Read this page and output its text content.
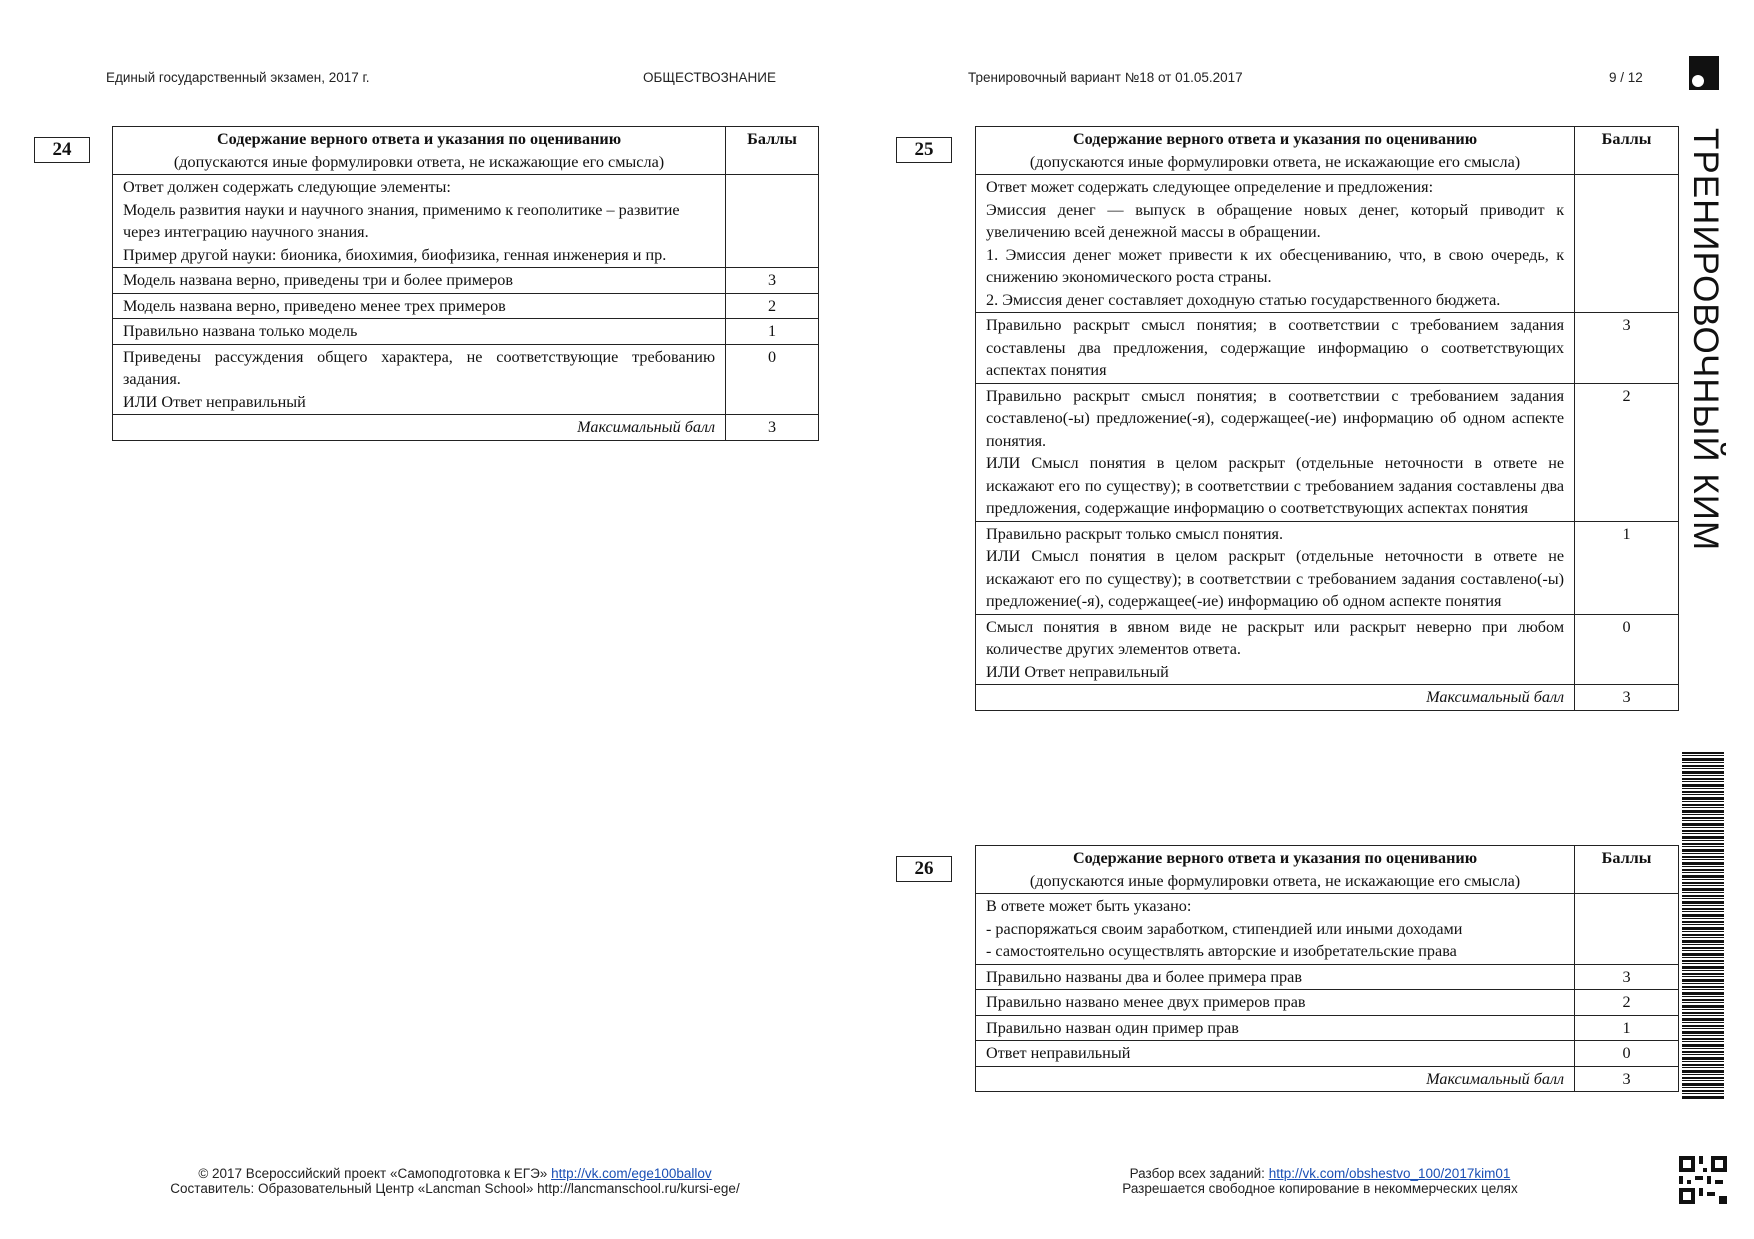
Единый государственный экзамен, 2017 г.	ОБЩЕСТВОЗНАНИЕ	Тренировочный вариант №18 от 01.05.2017	9 / 12
ТРЕНИРОВОЧНЫЙ КИМ
24	Содержание верного ответа и указания по оцениванию
(допускаются иные формулировки ответа, не искажающие его смысла)	Баллы

Ответ должен содержать следующие элементы:
Модель развития науки и научного знания, применимо к геополитике – развитие через интеграцию научного знания.
Пример другой науки: бионика, биохимия, биофизика, генная инженерия и пр.	

Модель названа верно, приведены три и более примеров	3
Модель названа верно, приведено менее трех примеров	2
Правильно названа только модель	1

Приведены рассуждения общего характера, не соответствующие требованию задания.
ИЛИ Ответ неправильный	0
Максимальный балл	3
25	Содержание верного ответа и указания по оцениванию
(допускаются иные формулировки ответа, не искажающие его смысла)	Баллы

Ответ может содержать следующее определение и предложения:
Эмиссия денег — выпуск в обращение новых денег, который приводит к увеличению всей денежной массы в обращении.
1. Эмиссия денег может привести к их обесцениванию, что, в свою очередь, к снижению экономического роста страны.
2. Эмиссия денег составляет доходную статью государственного бюджета.	

Правильно раскрыт смысл понятия; в соответствии с требованием задания составлены два предложения, содержащие информацию о соответствующих аспектах понятия	3

Правильно раскрыт смысл понятия; в соответствии с требованием задания составлено(-ы) предложение(-я), содержащее(-ие) информацию об одном аспекте понятия.
ИЛИ Смысл понятия в целом раскрыт (отдельные неточности в ответе не искажают его по существу); в соответствии с требованием задания составлены два предложения, содержащие информацию о соответствующих аспектах понятия	2

Правильно раскрыт только смысл понятия.
ИЛИ Смысл понятия в целом раскрыт (отдельные неточности в ответе не искажают его по существу); в соответствии с требованием задания составлено(-ы) предложение(-я), содержащее(-ие) информацию об одном аспекте понятия	1

Смысл понятия в явном виде не раскрыт или раскрыт неверно при любом количестве других элементов ответа.
ИЛИ Ответ неправильный	0
Максимальный балл	3
26	Содержание верного ответа и указания по оцениванию
(допускаются иные формулировки ответа, не искажающие его смысла)	Баллы

В ответе может быть указано:
- распоряжаться своим заработком, стипендией или иными доходами
- самостоятельно осуществлять авторские и изобретательские права	

Правильно названы два и более примера прав	3
Правильно названо менее двух примеров прав	2
Правильно назван один пример прав	1
Ответ неправильный	0
Максимальный балл	3
© 2017 Всероссийский проект «Самоподготовка к ЕГЭ» http://vk.com/ege100ballov
Составитель: Образовательный Центр «Lancman School» http://lancmanschool.ru/kursi-ege/
Разбор всех заданий: http://vk.com/obshestvo_100/2017kim01
Разрешается свободное копирование в некоммерческих целях
